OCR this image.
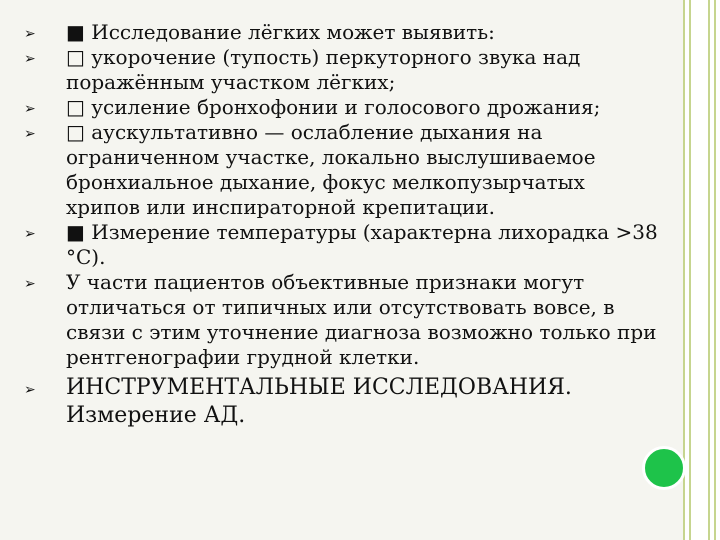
➢ ■ Исследование лёгких может выявить:
➢ □ укорочение (тупость) перкуторного звука над поражённым участком лёгких;
➢ □ усиление бронхофонии и голосового дрожания;
➢ □ аускультативно — ослабление дыхания на ограниченном участке, локально выслушиваемое бронхиальное дыхание, фокус мелкопузырчатых хрипов или инспираторной крепитации.
➢ ■ Измерение температуры (характерна лихорадка >38 °С).
➢ У части пациентов объективные признаки могут отличаться от типичных или отсутствовать вовсе, в связи с этим уточнение диагноза возможно только при рентгенографии грудной клетки.
➢ ИНСТРУМЕНТАЛЬНЫЕ ИССЛЕДОВАНИЯ. Измерение АД.
